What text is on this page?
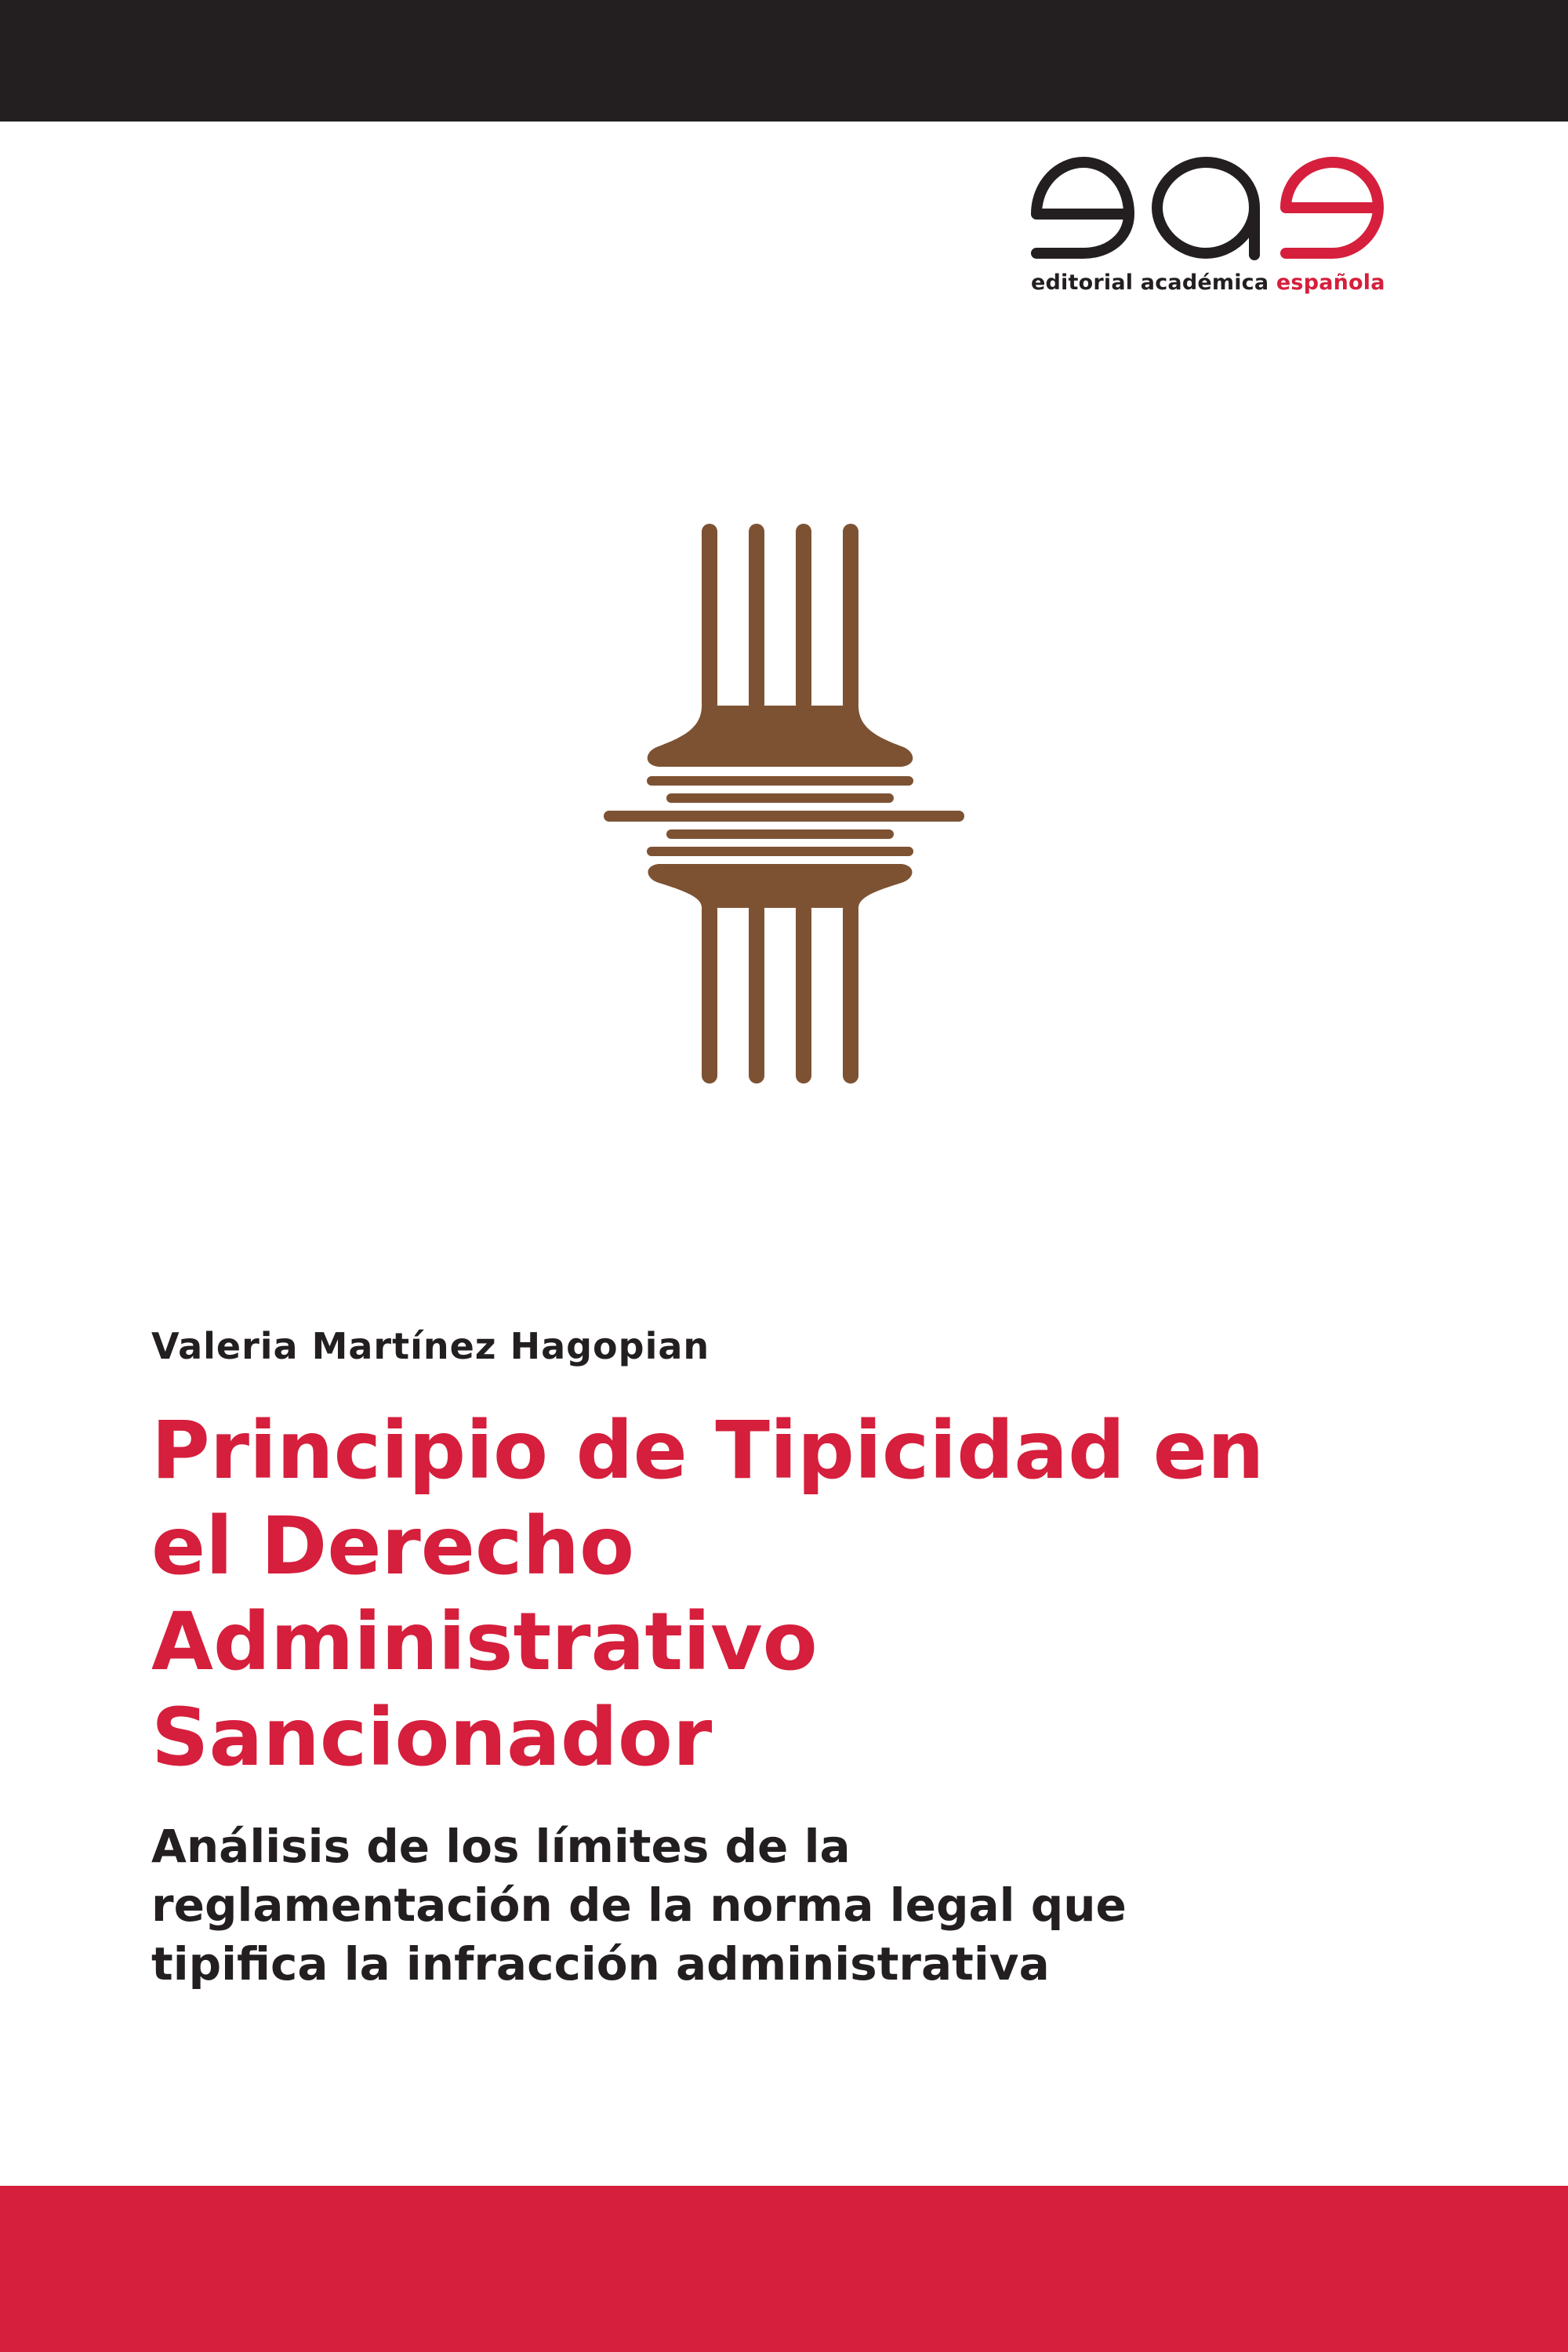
editorial académica española
Valeria Martínez Hagopian
Principio de Tipicidad en
el Derecho
Administrativo
Sancionador
Análisis de los límites de la
reglamentación de la norma legal que
tipifica la infracción administrativa
